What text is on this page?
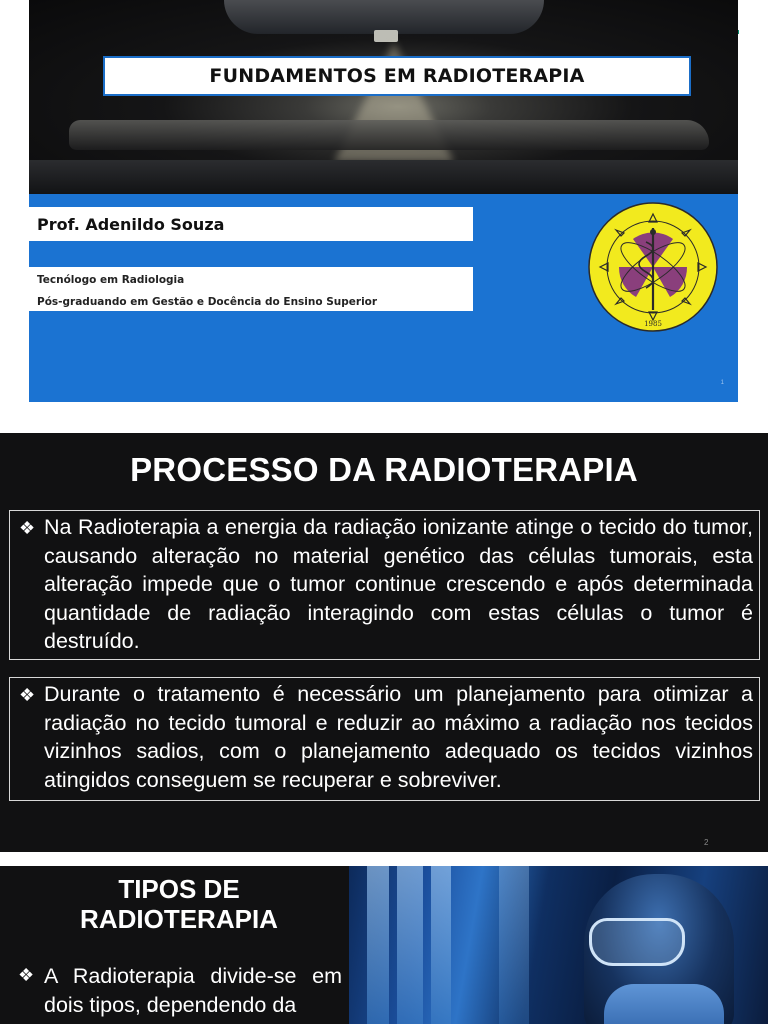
FUNDAMENTOS EM RADIOTERAPIA
Prof. Adenildo Souza
Tecnólogo em Radiologia
Pós-graduando em Gestão e Docência do Ensino Superior
1985
1
PROCESSO DA RADIOTERAPIA
❖ Na Radioterapia a energia da radiação ionizante atinge o tecido do tumor, causando alteração no material genético das células tumorais, esta alteração impede que o tumor continue crescendo e após determinada quantidade de radiação interagindo com estas células o tumor é destruído.
❖ Durante o tratamento é necessário um planejamento para otimizar a radiação no tecido tumoral e reduzir ao máximo a radiação nos tecidos vizinhos sadios, com o planejamento adequado os tecidos vizinhos atingidos conseguem se recuperar e sobreviver.
2
TIPOS DE RADIOTERAPIA
❖ A Radioterapia divide-se em dois tipos, dependendo da
